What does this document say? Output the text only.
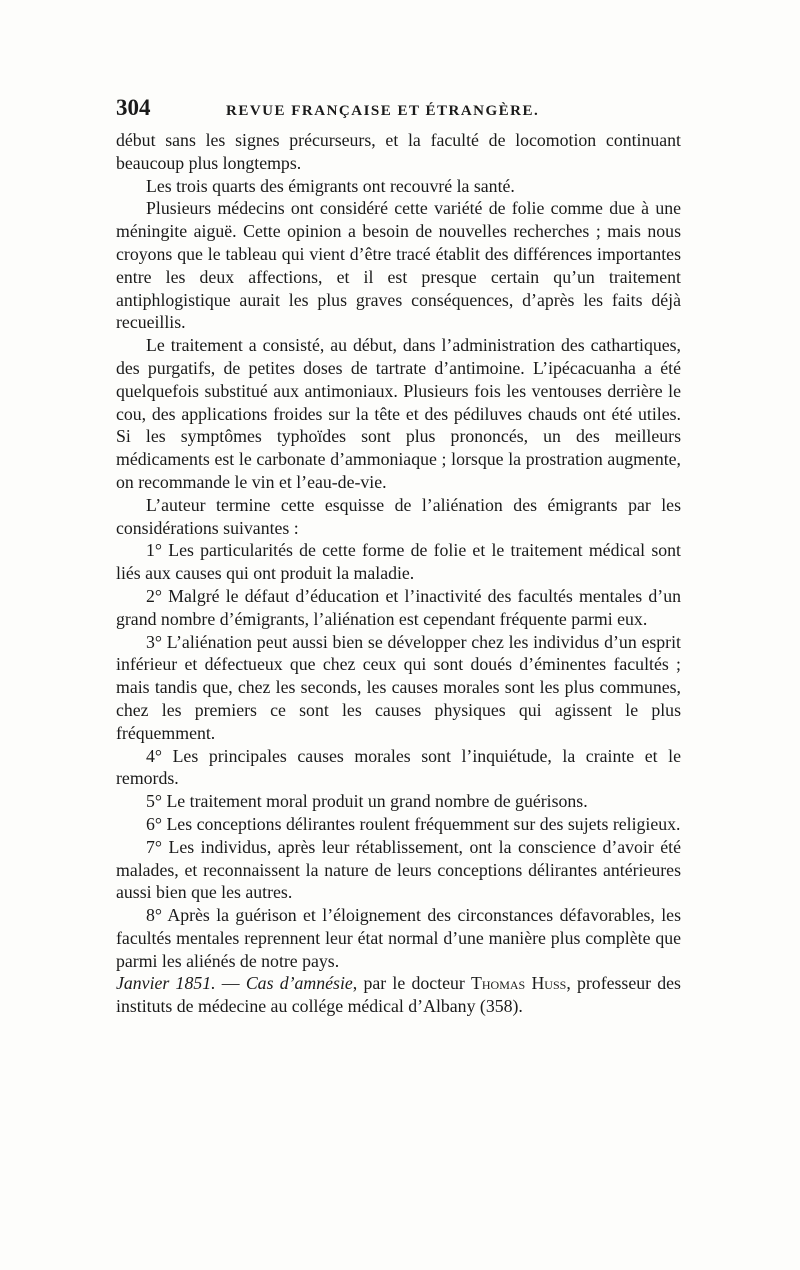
304	REVUE FRANÇAISE ET ÉTRANGÈRE.

début sans les signes précurseurs, et la faculté de locomotion continuant beaucoup plus longtemps.

Les trois quarts des émigrants ont recouvré la santé.

Plusieurs médecins ont considéré cette variété de folie comme due à une méningite aiguë. Cette opinion a besoin de nouvelles recherches ; mais nous croyons que le tableau qui vient d’être tracé établit des différences importantes entre les deux affections, et il est presque certain qu’un traitement antiphlogistique aurait les plus graves conséquences, d’après les faits déjà recueillis.

Le traitement a consisté, au début, dans l’administration des cathartiques, des purgatifs, de petites doses de tartrate d’antimoine. L’ipécacuanha a été quelquefois substitué aux antimoniaux. Plusieurs fois les ventouses derrière le cou, des applications froides sur la tête et des pédiluves chauds ont été utiles. Si les symptômes typhoïdes sont plus prononcés, un des meilleurs médicaments est le carbonate d’ammoniaque ; lorsque la prostration augmente, on recommande le vin et l’eau-de-vie.

L’auteur termine cette esquisse de l’aliénation des émigrants par les considérations suivantes :

1° Les particularités de cette forme de folie et le traitement médical sont liés aux causes qui ont produit la maladie.

2° Malgré le défaut d’éducation et l’inactivité des facultés mentales d’un grand nombre d’émigrants, l’aliénation est cependant fréquente parmi eux.

3° L’aliénation peut aussi bien se développer chez les individus d’un esprit inférieur et défectueux que chez ceux qui sont doués d’éminentes facultés ; mais tandis que, chez les seconds, les causes morales sont les plus communes, chez les premiers ce sont les causes physiques qui agissent le plus fréquemment.

4° Les principales causes morales sont l’inquiétude, la crainte et le remords.

5° Le traitement moral produit un grand nombre de guérisons.

6° Les conceptions délirantes roulent fréquemment sur des sujets religieux.

7° Les individus, après leur rétablissement, ont la conscience d’avoir été malades, et reconnaissent la nature de leurs conceptions délirantes antérieures aussi bien que les autres.

8° Après la guérison et l’éloignement des circonstances défavorables, les facultés mentales reprennent leur état normal d’une manière plus complète que parmi les aliénés de notre pays.

Janvier 1851. — Cas d’amnésie, par le docteur Thomas Huss, professeur des instituts de médecine au collége médical d’Albany (358).
